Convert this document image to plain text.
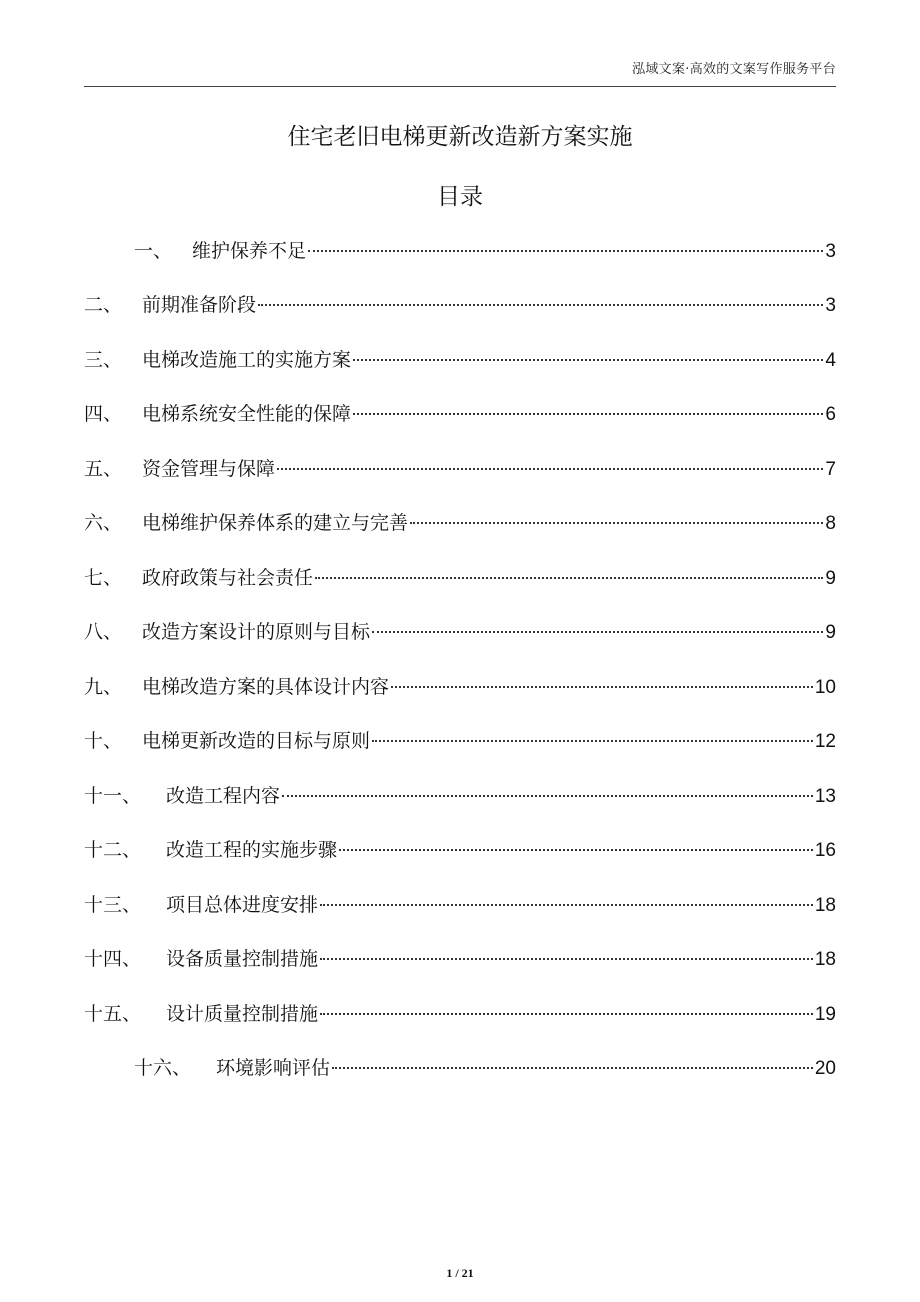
泓域文案·高效的文案写作服务平台
住宅老旧电梯更新改造新方案实施
目录
一、	维护保养不足	3
二、	前期准备阶段	3
三、	电梯改造施工的实施方案	4
四、	电梯系统安全性能的保障	6
五、	资金管理与保障	7
六、	电梯维护保养体系的建立与完善	8
七、	政府政策与社会责任	9
八、	改造方案设计的原则与目标	9
九、	电梯改造方案的具体设计内容	10
十、	电梯更新改造的目标与原则	12
十一、	改造工程内容	13
十二、	改造工程的实施步骤	16
十三、	项目总体进度安排	18
十四、	设备质量控制措施	18
十五、	设计质量控制措施	19
十六、	环境影响评估	20
1 / 21
